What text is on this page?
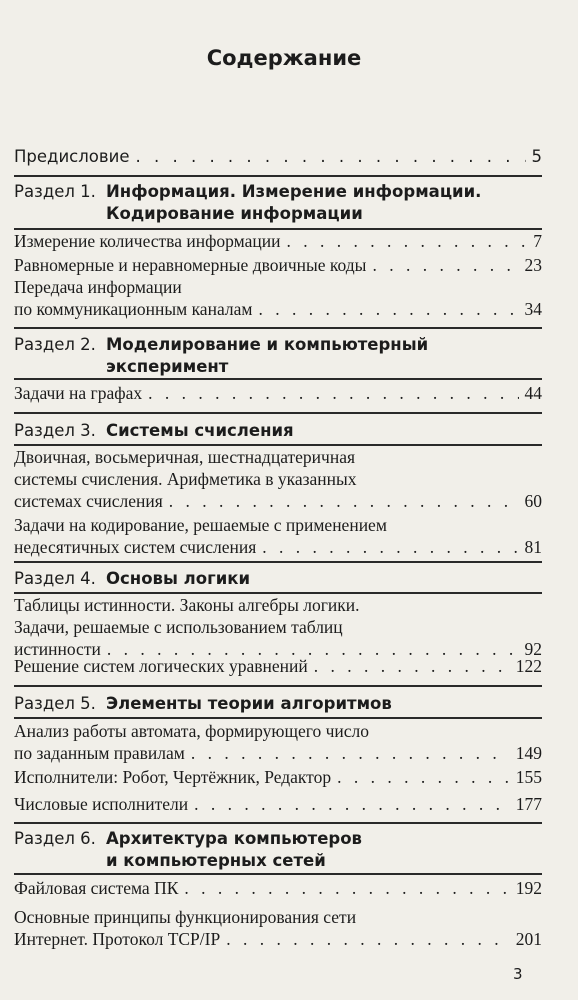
Содержание
Предисловие . . .	5
Раздел 1. Информация. Измерение информации.
Кодирование информации
Измерение количества информации . . .	7
Равномерные и неравномерные двоичные коды . . .	23
Передача информации
по коммуникационным каналам . . .	34
Раздел 2. Моделирование и компьютерный
эксперимент
Задачи на графах . . .	44
Раздел 3. Системы счисления
Двоичная, восьмеричная, шестнадцатеричная
системы счисления. Арифметика в указанных
системах счисления . . .	60
Задачи на кодирование, решаемые с применением
недесятичных систем счисления . . .	81
Раздел 4. Основы логики
Таблицы истинности. Законы алгебры логики.
Задачи, решаемые с использованием таблиц
истинности . . .	92
Решение систем логических уравнений . . .	122
Раздел 5. Элементы теории алгоритмов
Анализ работы автомата, формирующего число
по заданным правилам . . .	149
Исполнители: Робот, Чертёжник, Редактор . . .	155
Числовые исполнители . . .	177
Раздел 6. Архитектура компьютеров
и компьютерных сетей
Файловая система ПК . . .	192
Основные принципы функционирования сети
Интернет. Протокол TCP/IP . . .	201
3
